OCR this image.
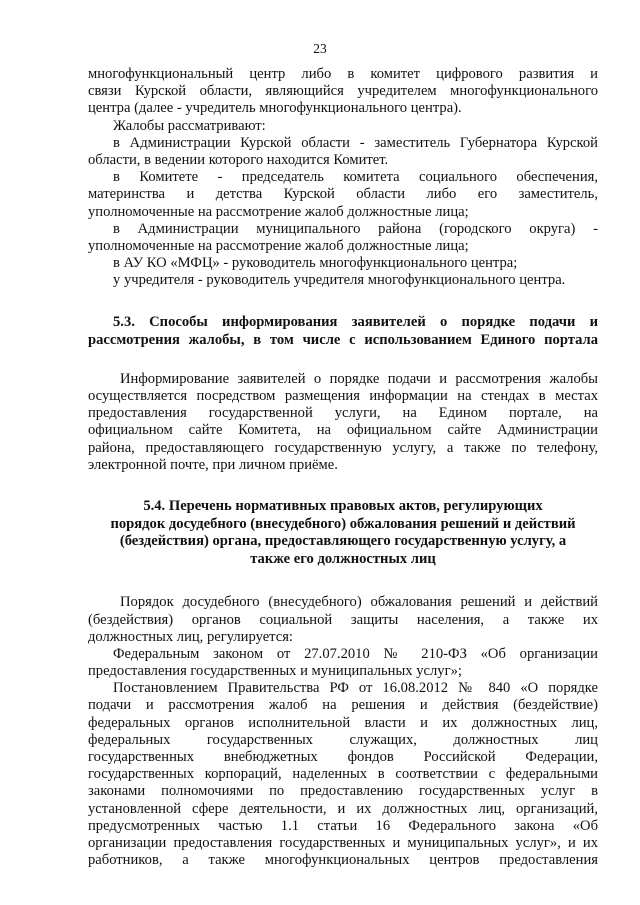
23
многофункциональный центр либо в комитет цифрового развития и
связи Курской области, являющийся учредителем многофункционального
центра (далее - учредитель многофункционального центра).
Жалобы рассматривают:
в Администрации Курской области - заместитель Губернатора Курской
области, в ведении которого находится Комитет.
в Комитете - председатель комитета социального обеспечения,
материнства и детства Курской области либо его заместитель,
уполномоченные на рассмотрение жалоб должностные лица;
в Администрации муниципального района (городского округа) -
уполномоченные на рассмотрение жалоб должностные лица;
в АУ КО «МФЦ» - руководитель многофункционального центра;
у учредителя - руководитель учредителя многофункционального центра.
5.3. Способы информирования заявителей о порядке подачи и
рассмотрения жалобы, в том числе с использованием Единого портала
Информирование заявителей о порядке подачи и рассмотрения жалобы
осуществляется посредством размещения информации на стендах в местах
предоставления государственной услуги, на Едином портале, на
официальном сайте Комитета, на официальном сайте Администрации
района, предоставляющего государственную услугу, а также по телефону,
электронной почте, при личном приёме.
5.4. Перечень нормативных правовых актов, регулирующих
порядок досудебного (внесудебного) обжалования решений и действий
(бездействия) органа, предоставляющего государственную услугу, а
также его должностных лиц
Порядок досудебного (внесудебного) обжалования решений и действий
(бездействия) органов социальной защиты населения, а также их
должностных лиц, регулируется:
Федеральным законом от 27.07.2010 № 210-ФЗ «Об организации
предоставления государственных и муниципальных услуг»;
Постановлением Правительства РФ от 16.08.2012 № 840 «О порядке
подачи и рассмотрения жалоб на решения и действия (бездействие)
федеральных органов исполнительной власти и их должностных лиц,
федеральных государственных служащих, должностных лиц
государственных внебюджетных фондов Российской Федерации,
государственных корпораций, наделенных в соответствии с федеральными
законами полномочиями по предоставлению государственных услуг в
установленной сфере деятельности, и их должностных лиц, организаций,
предусмотренных частью 1.1 статьи 16 Федерального закона «Об
организации предоставления государственных и муниципальных услуг», и их
работников, а также многофункциональных центров предоставления
